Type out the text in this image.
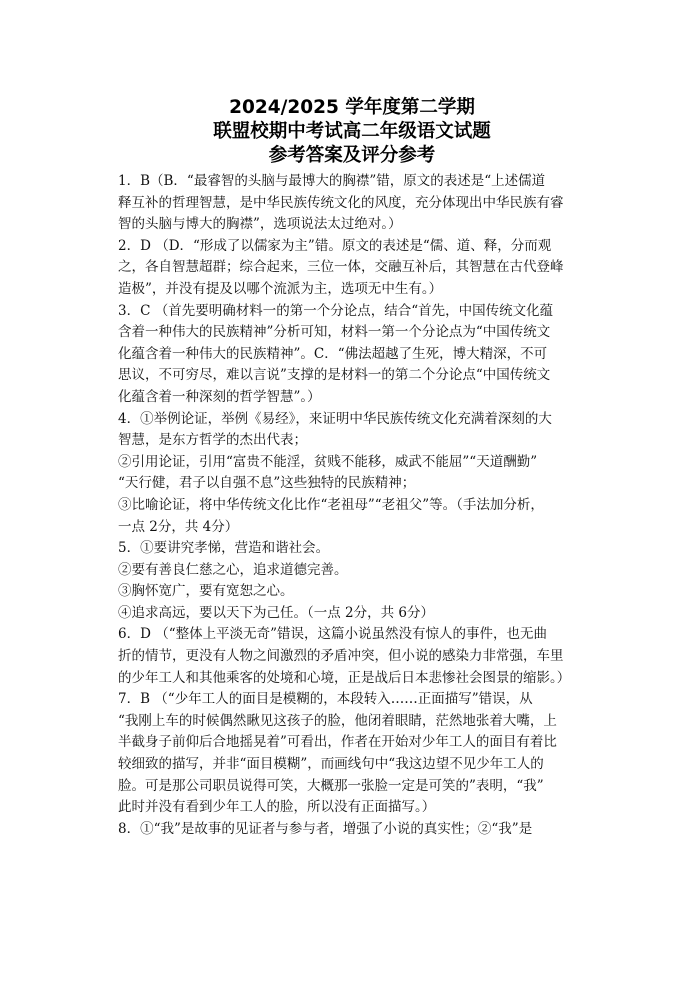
2024/2025 学年度第二学期
联盟校期中考试高二年级语文试题
参考答案及评分参考
1．B（B．“最睿智的头脑与最博大的胸襟”错，原文的表述是“上述儒道
释互补的哲理智慧，是中华民族传统文化的风度，充分体现出中华民族有睿
智的头脑与博大的胸襟”，选项说法太过绝对。）
2．D （D．“形成了以儒家为主”错。原文的表述是“儒、道、释，分而观
之，各自智慧超群；综合起来，三位一体，交融互补后，其智慧在古代登峰
造极”，并没有提及以哪个流派为主，选项无中生有。）
3．C （首先要明确材料一的第一个分论点，结合“首先，中国传统文化蕴
含着一种伟大的民族精神”分析可知，材料一第一个分论点为“中国传统文
化蕴含着一种伟大的民族精神”。C．“佛法超越了生死，博大精深，不可
思议，不可穷尽，难以言说”支撑的是材料一的第二个分论点“中国传统文
化蕴含着一种深刻的哲学智慧”。）
4．①举例论证，举例《易经》，来证明中华民族传统文化充满着深刻的大
智慧，是东方哲学的杰出代表；
②引用论证，引用“富贵不能淫，贫贱不能移，威武不能屈”“天道酬勤”
“天行健，君子以自强不息”这些独特的民族精神；
③比喻论证，将中华传统文化比作“老祖母”“老祖父”等。（手法加分析，
一点 2分，共 4分）
5．①要讲究孝悌，营造和谐社会。
②要有善良仁慈之心，追求道德完善。
③胸怀宽广，要有宽恕之心。
④追求高远，要以天下为己任。（一点 2分，共 6分）
6．D （“整体上平淡无奇”错误，这篇小说虽然没有惊人的事件，也无曲
折的情节，更没有人物之间激烈的矛盾冲突，但小说的感染力非常强，车里
的少年工人和其他乘客的处境和心境，正是战后日本悲惨社会图景的缩影。）
7．B （“少年工人的面目是模糊的，本段转入……正面描写”错误，从
“我刚上车的时候偶然瞅见这孩子的脸，他闭着眼睛，茫然地张着大嘴，上
半截身子前仰后合地摇晃着”可看出，作者在开始对少年工人的面目有着比
较细致的描写，并非“面目模糊”，而画线句中“我这边望不见少年工人的
脸。可是那公司职员说得可笑，大概那一张脸一定是可笑的”表明，“我”
此时并没有看到少年工人的脸，所以没有正面描写。）
8．①“我”是故事的见证者与参与者，增强了小说的真实性；②“我”是
